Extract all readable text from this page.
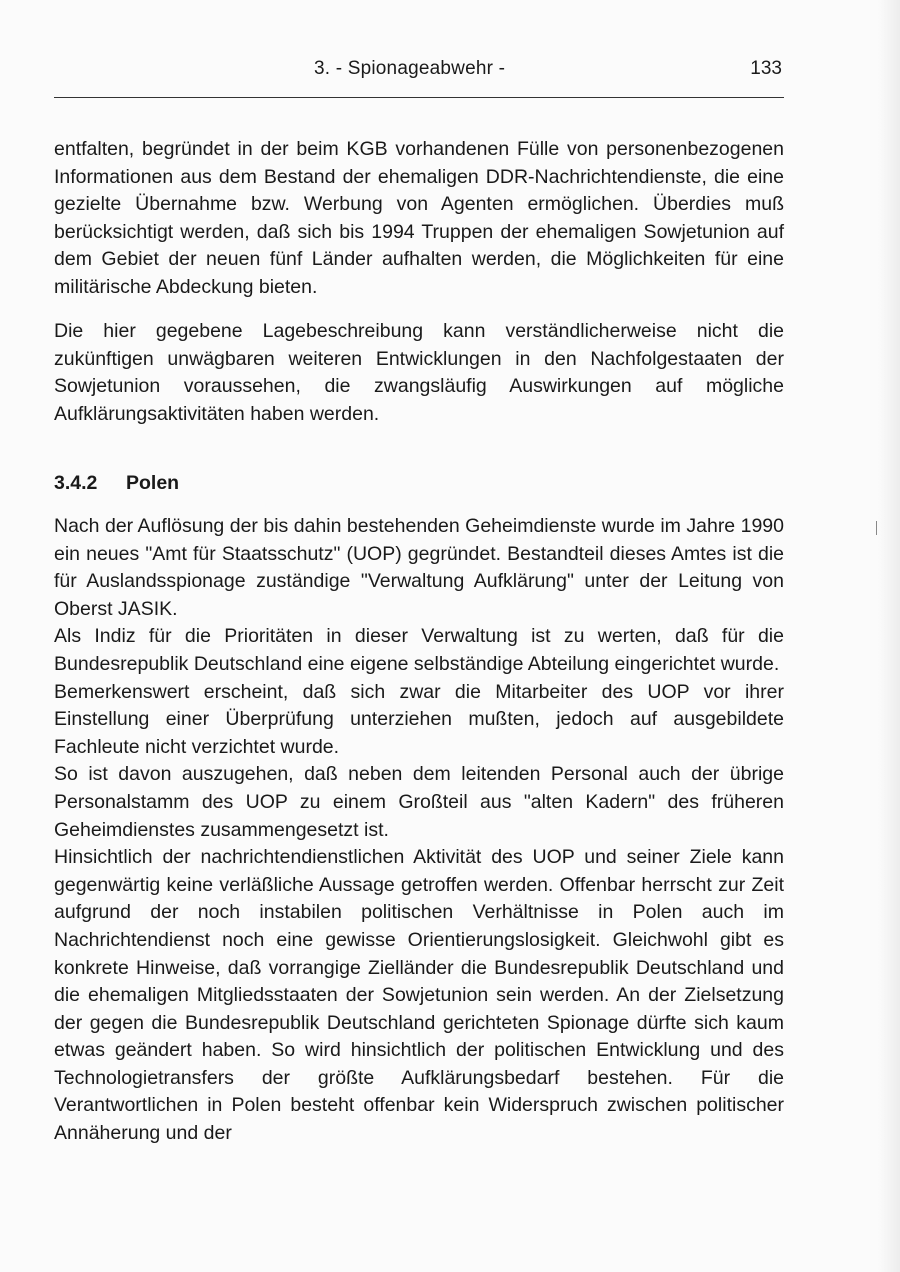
3. - Spionageabwehr -	133

entfalten, begründet in der beim KGB vorhandenen Fülle von personenbezogenen Informationen aus dem Bestand der ehemaligen DDR-Nachrichtendienste, die eine gezielte Übernahme bzw. Werbung von Agenten ermöglichen. Überdies muß berücksichtigt werden, daß sich bis 1994 Truppen der ehemaligen Sowjetunion auf dem Gebiet der neuen fünf Länder aufhalten werden, die Möglichkeiten für eine militärische Abdeckung bieten.

Die hier gegebene Lagebeschreibung kann verständlicherweise nicht die zukünftigen unwägbaren weiteren Entwicklungen in den Nachfolgestaaten der Sowjetunion voraussehen, die zwangsläufig Auswirkungen auf mögliche Aufklärungsaktivitäten haben werden.

3.4.2 Polen

Nach der Auflösung der bis dahin bestehenden Geheimdienste wurde im Jahre 1990 ein neues "Amt für Staatsschutz" (UOP) gegründet. Bestandteil dieses Amtes ist die für Auslandsspionage zuständige "Verwaltung Aufklärung" unter der Leitung von Oberst JASIK.

Als Indiz für die Prioritäten in dieser Verwaltung ist zu werten, daß für die Bundesrepublik Deutschland eine eigene selbständige Abteilung eingerichtet wurde.

Bemerkenswert erscheint, daß sich zwar die Mitarbeiter des UOP vor ihrer Einstellung einer Überprüfung unterziehen mußten, jedoch auf ausgebildete Fachleute nicht verzichtet wurde.

So ist davon auszugehen, daß neben dem leitenden Personal auch der übrige Personalstamm des UOP zu einem Großteil aus "alten Kadern" des früheren Geheimdienstes zusammengesetzt ist.

Hinsichtlich der nachrichtendienstlichen Aktivität des UOP und seiner Ziele kann gegenwärtig keine verläßliche Aussage getroffen werden. Offenbar herrscht zur Zeit aufgrund der noch instabilen politischen Verhältnisse in Polen auch im Nachrichtendienst noch eine gewisse Orientierungslosigkeit. Gleichwohl gibt es konkrete Hinweise, daß vorrangige Zielländer die Bundesrepublik Deutschland und die ehemaligen Mitgliedsstaaten der Sowjetunion sein werden. An der Zielsetzung der gegen die Bundesrepublik Deutschland gerichteten Spionage dürfte sich kaum etwas geändert haben. So wird hinsichtlich der politischen Entwicklung und des Technologietransfers der größte Aufklärungsbedarf bestehen. Für die Verantwortlichen in Polen besteht offenbar kein Widerspruch zwischen politischer Annäherung und der
